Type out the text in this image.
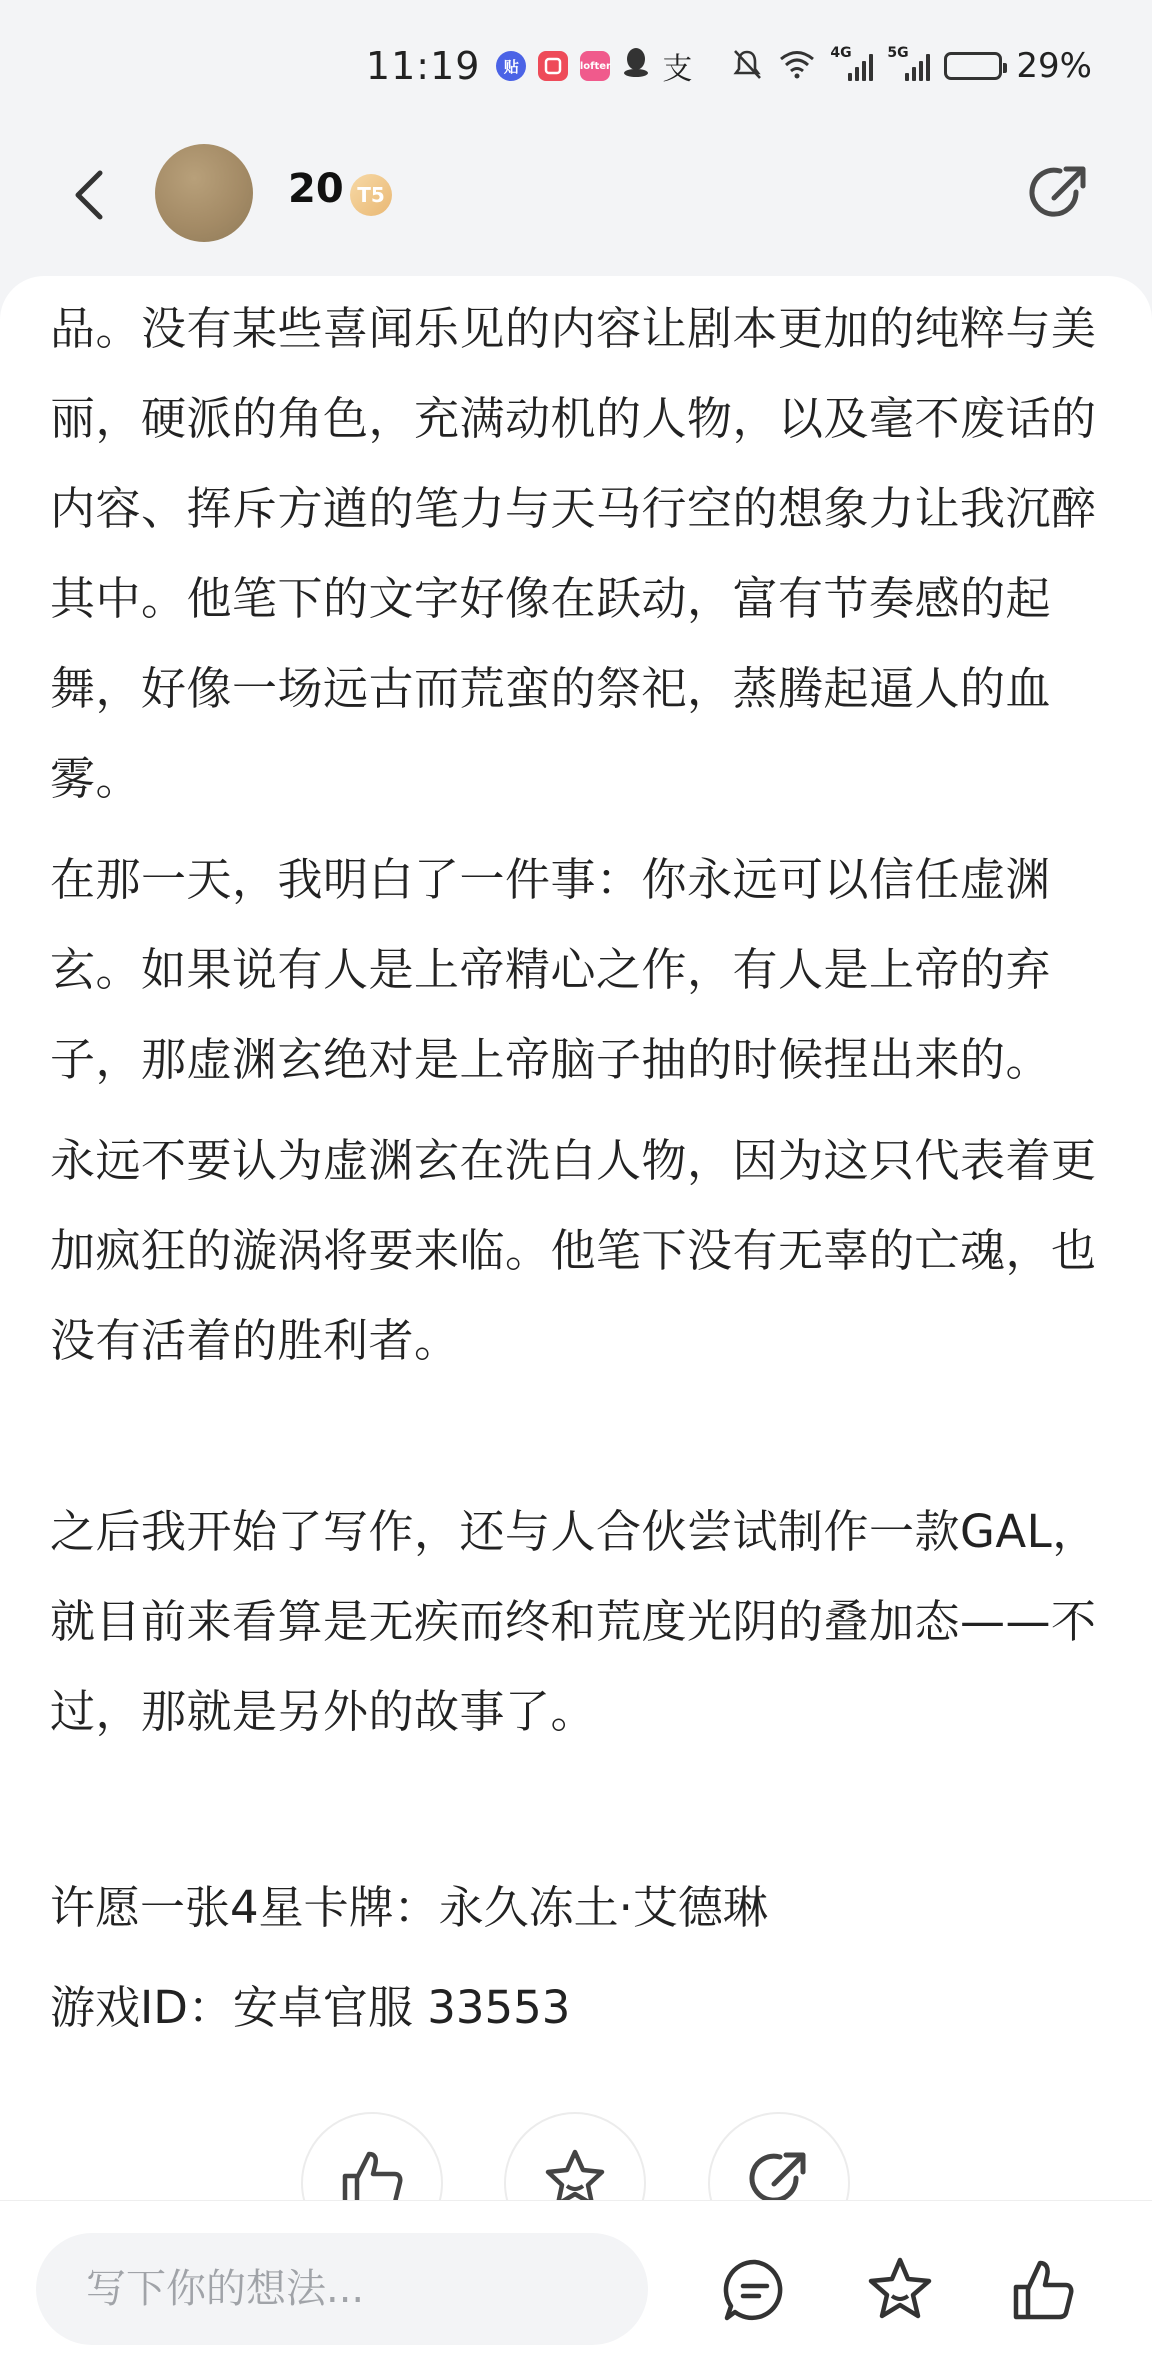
11:19	贴	lofter 支	4G	5G	29%
20 T5

品。没有某些喜闻乐见的内容让剧本更加的纯粹与美丽，硬派的角色，充满动机的人物，以及毫不废话的内容、挥斥方遒的笔力与天马行空的想象力让我沉醉其中。他笔下的文字好像在跃动，富有节奏感的起舞，好像一场远古而荒蛮的祭祀，蒸腾起逼人的血雾。

在那一天，我明白了一件事：你永远可以信任虚渊玄。如果说有人是上帝精心之作，有人是上帝的弃子，那虚渊玄绝对是上帝脑子抽的时候捏出来的。

永远不要认为虚渊玄在洗白人物，因为这只代表着更加疯狂的漩涡将要来临。他笔下没有无辜的亡魂，也没有活着的胜利者。

之后我开始了写作，还与人合伙尝试制作一款GAL，就目前来看算是无疾而终和荒度光阴的叠加态——不过，那就是另外的故事了。

许愿一张4星卡牌：永久冻土·艾德琳

游戏ID：安卓官服 33553

写下你的想法...
